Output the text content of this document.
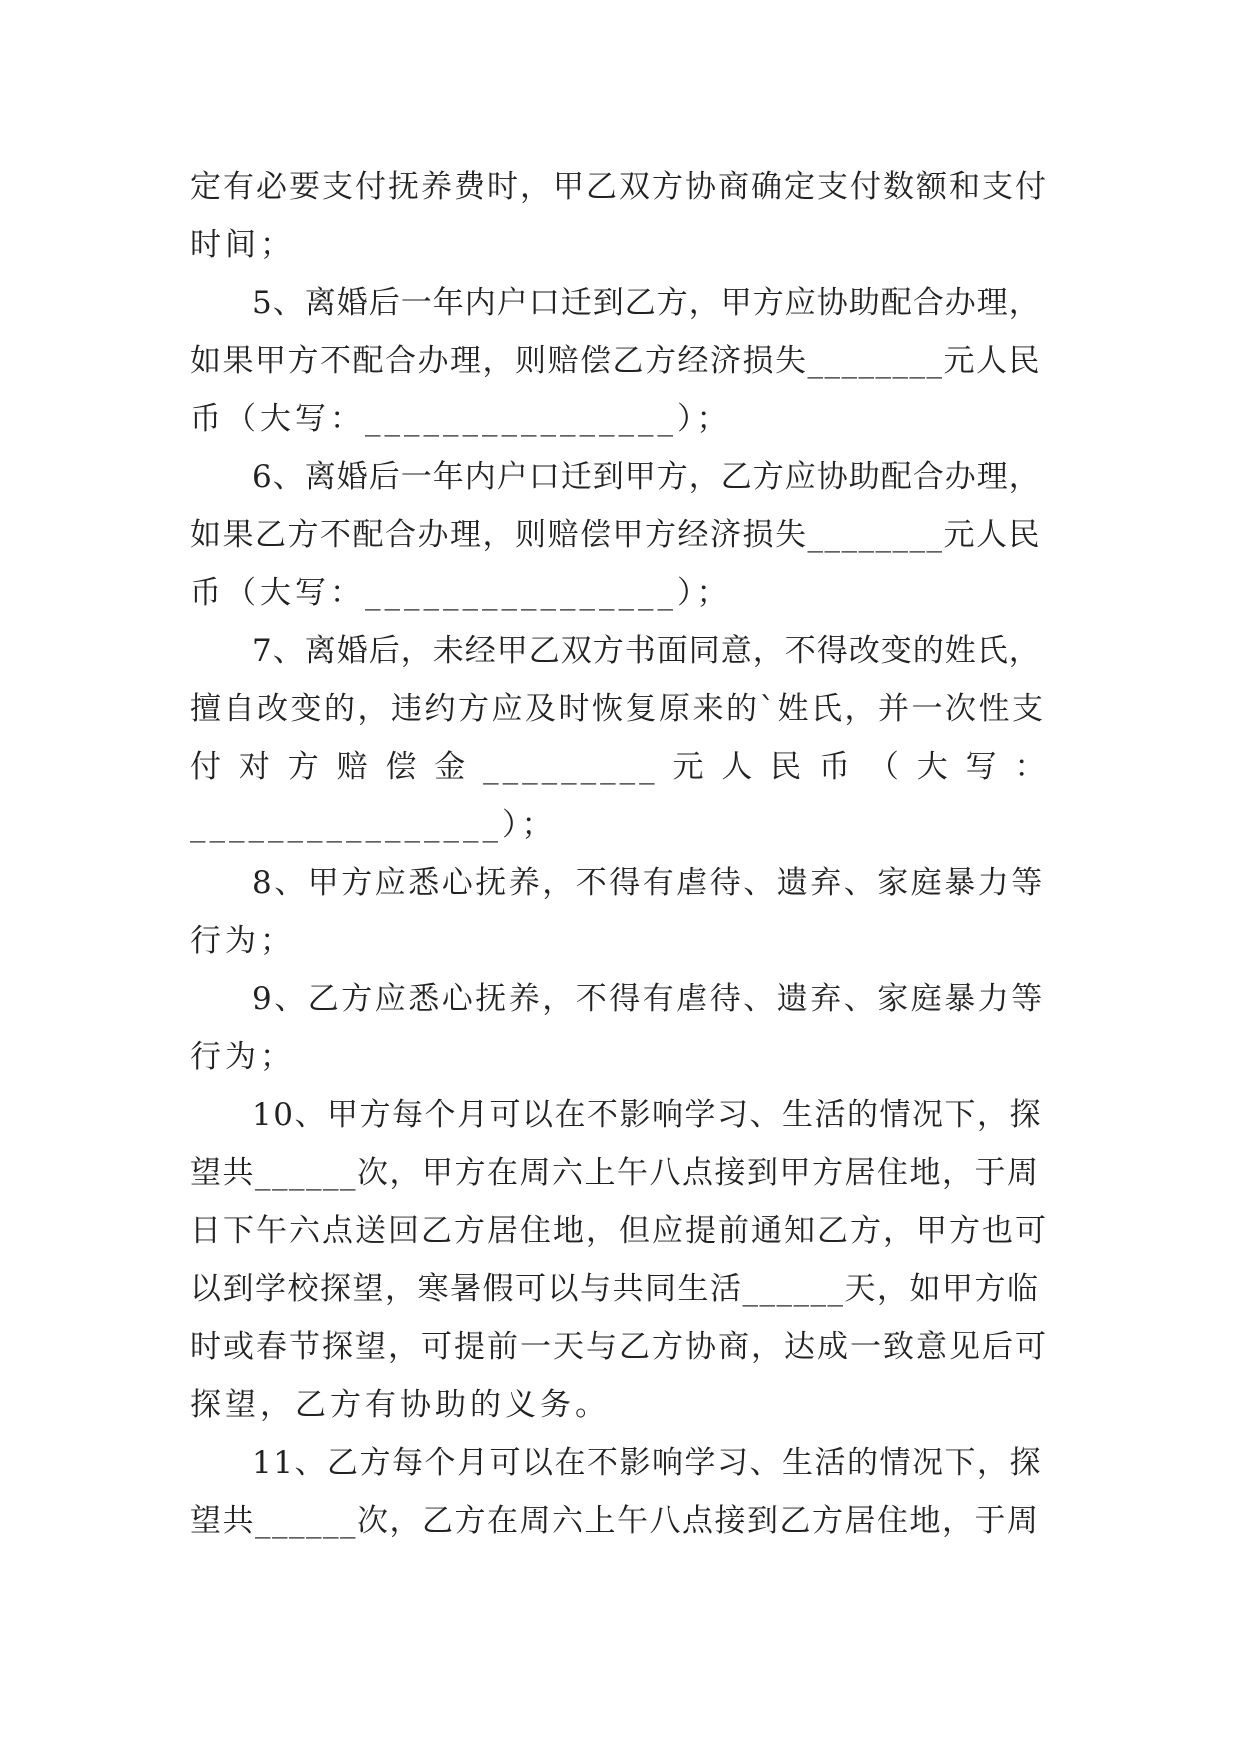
定有必要支付抚养费时，甲乙双方协商确定支付数额和支付
时间；
5、离婚后一年内户口迁到乙方，甲方应协助配合办理，
如果甲方不配合办理，则赔偿乙方经济损失________元人民
币（大写：________________）；
6、离婚后一年内户口迁到甲方，乙方应协助配合办理，
如果乙方不配合办理，则赔偿甲方经济损失________元人民
币（大写：________________）；
7、离婚后，未经甲乙双方书面同意，不得改变的姓氏，
擅自改变的，违约方应及时恢复原来的`姓氏，并一次性支
付 对 方 赔 偿 金 _________ 元 人 民 币 （ 大 写 ：
________________）；
8、甲方应悉心抚养，不得有虐待、遗弃、家庭暴力等
行为；
9、乙方应悉心抚养，不得有虐待、遗弃、家庭暴力等
行为；
10、甲方每个月可以在不影响学习、生活的情况下，探
望共______次，甲方在周六上午八点接到甲方居住地，于周
日下午六点送回乙方居住地，但应提前通知乙方，甲方也可
以到学校探望，寒暑假可以与共同生活______天，如甲方临
时或春节探望，可提前一天与乙方协商，达成一致意见后可
探望，乙方有协助的义务。
11、乙方每个月可以在不影响学习、生活的情况下，探
望共______次，乙方在周六上午八点接到乙方居住地，于周
